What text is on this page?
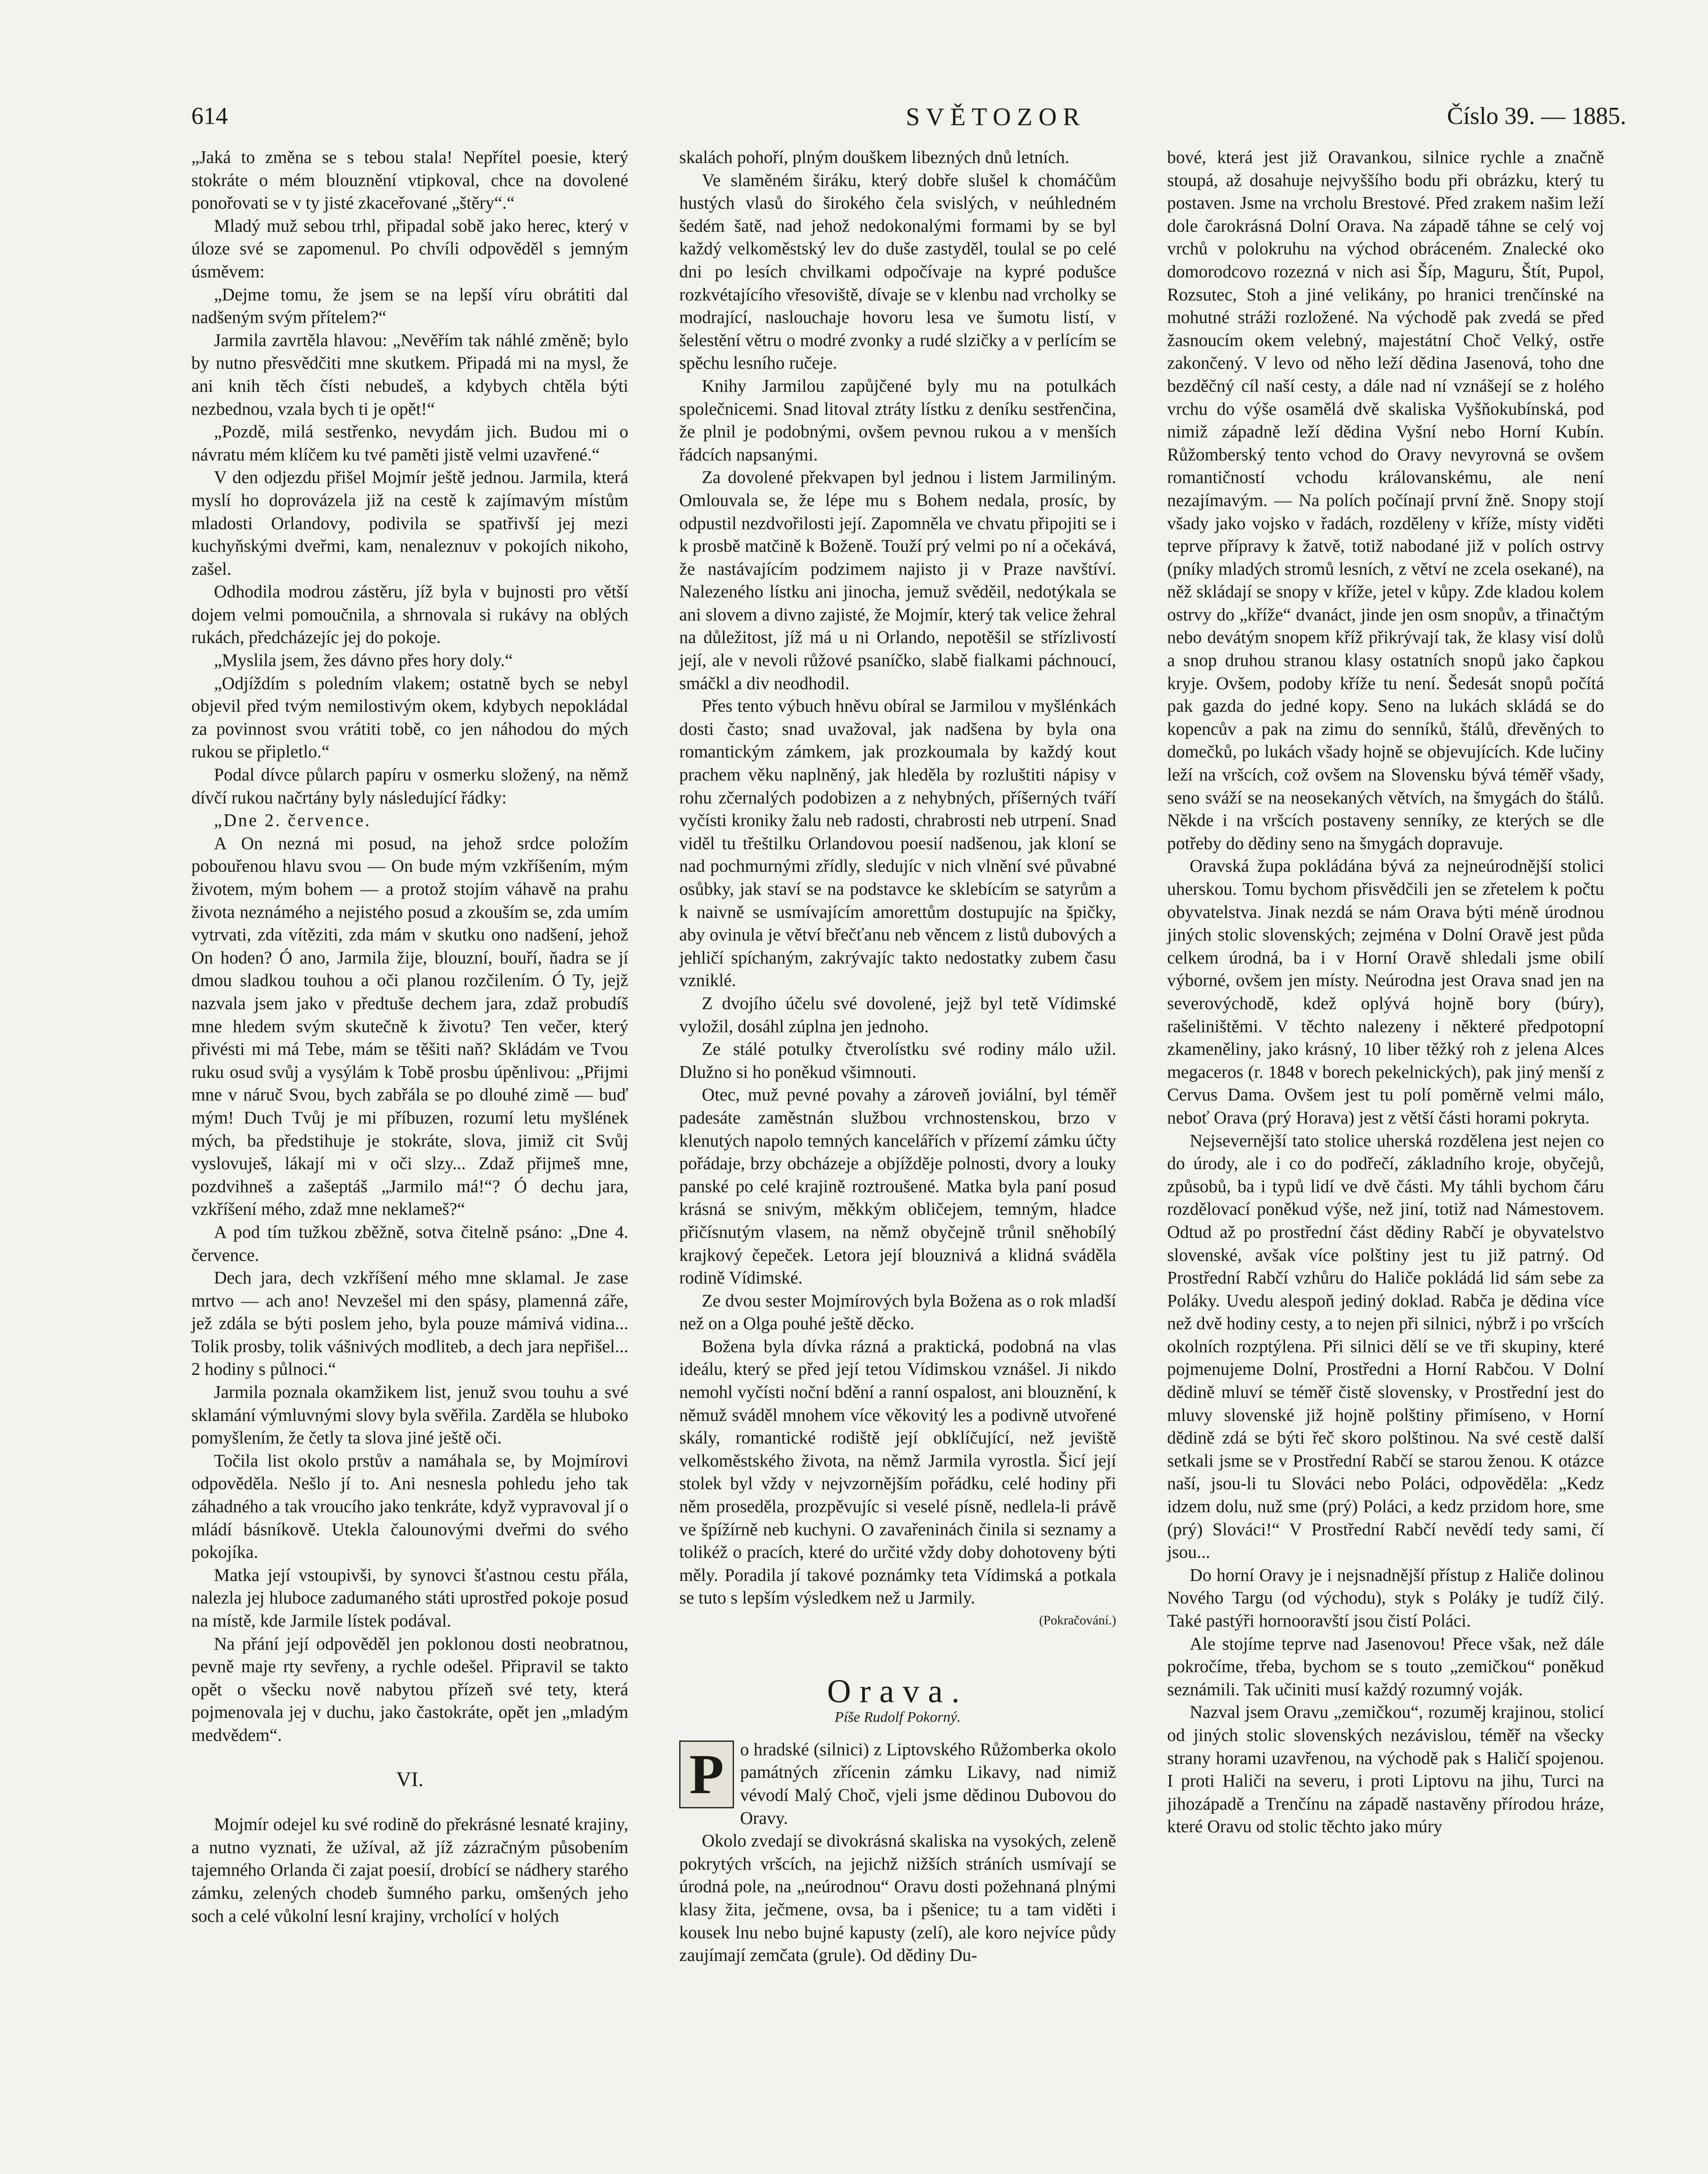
614	SVĚTOZOR	Číslo 39. — 1885.

„Jaká to změna se s tebou stala! Nepřítel poesie, který stokráte o mém blouznění vtipkoval, chce na dovolené ponořovati se v ty jisté zkaceřované „štěry“.“

Mladý muž sebou trhl, připadal sobě jako herec, který v úloze své se zapomenul. Po chvíli odpověděl s jemným úsměvem:

„Dejme tomu, že jsem se na lepší víru obrátiti dal nadšeným svým přítelem?“

Jarmila zavrtěla hlavou: „Nevěřím tak náhlé změně; bylo by nutno přesvědčiti mne skutkem. Připadá mi na mysl, že ani knih těch čísti nebudeš, a kdybych chtěla býti nezbednou, vzala bych ti je opět!“

„Pozdě, milá sestřenko, nevydám jich. Budou mi o návratu mém klíčem ku tvé paměti jistě velmi uzavřené.“

V den odjezdu přišel Mojmír ještě jednou. Jarmila, která myslí ho doprovázela již na cestě k zajímavým místům mladosti Orlandovy, podivila se spatřivší jej mezi kuchyňskými dveřmi, kam, nenaleznuv v pokojích nikoho, zašel.

Odhodila modrou zástěru, jíž byla v bujnosti pro větší dojem velmi pomoučnila, a shrnovala si rukávy na oblých rukách, předcházejíc jej do pokoje.

„Myslila jsem, žes dávno přes hory doly.“

„Odjíždím s poledním vlakem; ostatně bych se nebyl objevil před tvým nemilostivým okem, kdybych nepokládal za povinnost svou vrátiti tobě, co jen náhodou do mých rukou se připletlo.“

Podal dívce půlarch papíru v osmerku složený, na němž dívčí rukou načrtány byly následující řádky:

„Dne 2. července.

A On nezná mi posud, na jehož srdce položím pobouřenou hlavu svou — On bude mým vzkříšením, mým životem, mým bohem — a protož stojím váhavě na prahu života neznámého a nejistého posud a zkouším se, zda umím vytrvati, zda vítěziti, zda mám v skutku ono nadšení, jehož On hoden? Ó ano, Jarmila žije, blouzní, bouří, ňadra se jí dmou sladkou touhou a oči planou rozčilením. Ó Ty, jejž nazvala jsem jako v předtuše dechem jara, zdaž probudíš mne hledem svým skutečně k životu? Ten večer, který přivésti mi má Tebe, mám se těšiti naň? Skládám ve Tvou ruku osud svůj a vysýlám k Tobě prosbu úpěnlivou: „Přijmi mne v náruč Svou, bych zabřála se po dlouhé zimě — buď mým! Duch Tvůj je mi příbuzen, rozumí letu myšlének mých, ba předstihuje je stokráte, slova, jimiž cit Svůj vyslovuješ, lákají mi v oči slzy... Zdaž přijmeš mne, pozdvihneš a zašeptáš „Jarmilo má!“? Ó dechu jara, vzkříšení mého, zdaž mne neklameš?“

A pod tím tužkou zběžně, sotva čitelně psáno: „Dne 4. července.

Dech jara, dech vzkříšení mého mne sklamal. Je zase mrtvo — ach ano! Nevzešel mi den spásy, plamenná záře, jež zdála se býti poslem jeho, byla pouze mámivá vidina... Tolik prosby, tolik vášnivých modliteb, a dech jara nepřišel... 2 hodiny s půlnoci.“

Jarmila poznala okamžikem list, jenuž svou touhu a své sklamání výmluvnými slovy byla svěřila. Zarděla se hluboko pomyšlením, že četly ta slova jiné ještě oči.

Točila list okolo prstův a namáhala se, by Mojmírovi odpověděla. Nešlo jí to. Ani nesnesla pohledu jeho tak záhadného a tak vroucího jako tenkráte, když vypravoval jí o mládí básníkově. Utekla čalounovými dveřmi do svého pokojíka.

Matka její vstoupivši, by synovci šťastnou cestu přála, nalezla jej hluboce zadumaného státi uprostřed pokoje posud na místě, kde Jarmile lístek podával.

Na přání její odpověděl jen poklonou dosti neobratnou, pevně maje rty sevřeny, a rychle odešel. Připravil se takto opět o všecku nově nabytou přízeň své tety, která pojmenovala jej v duchu, jako častokráte, opět jen „mladým medvědem“.

VI.

Mojmír odejel ku své rodině do překrásné lesnaté krajiny, a nutno vyznati, že užíval, až jíž zázračným působením tajemného Orlanda či zajat poesií, drobící se nádhery starého zámku, zelených chodeb šumného parku, omšených jeho soch a celé vůkolní lesní krajiny, vrcholící v holých

skalách pohoří, plným douškem libezných dnů letních.

Ve slaměném širáku, který dobře slušel k chomáčům hustých vlasů do širokého čela svislých, v neúhledném šedém šatě, nad jehož nedokonalými formami by se byl každý velkoměstský lev do duše zastyděl, toulal se po celé dni po lesích chvilkami odpočívaje na kypré podušce rozkvétajícího vřesoviště, dívaje se v klenbu nad vrcholky se modrající, naslouchaje hovoru lesa ve šumotu listí, v šelestění větru o modré zvonky a rudé slzičky a v perlícím se spěchu lesního ručeje.

Knihy Jarmilou zapůjčené byly mu na potulkách společnicemi. Snad litoval ztráty lístku z deníku sestřenčina, že plnil je podobnými, ovšem pevnou rukou a v menších řádcích napsanými.

Za dovolené překvapen byl jednou i listem Jarmiliným. Omlouvala se, že lépe mu s Bohem nedala, prosíc, by odpustil nezdvořilosti její. Zapomněla ve chvatu připojiti se i k prosbě matčině k Boženě. Touží prý velmi po ní a očekává, že nastávajícím podzimem najisto ji v Praze navštíví. Nalezeného lístku ani jinocha, jemuž svěděil, nedotýkala se ani slovem a divno zajisté, že Mojmír, který tak velice žehral na důležitost, jíž má u ni Orlando, nepotěšil se střízlivostí její, ale v nevoli růžové psaníčko, slabě fialkami páchnoucí, smáčkl a div neodhodil.

Přes tento výbuch hněvu obíral se Jarmilou v myšlénkách dosti často; snad uvažoval, jak nadšena by byla ona romantickým zámkem, jak prozkoumala by každý kout prachem věku naplněný, jak hleděla by rozluštiti nápisy v rohu zčernalých podobizen a z nehybných, příšerných tváří vyčísti kroniky žalu neb radosti, chrabrosti neb utrpení. Snad viděl tu třeštilku Orlandovou poesií nadšenou, jak kloní se nad pochmurnými zřídly, sledujíc v nich vlnění své půvabné osůbky, jak staví se na podstavce ke sklebícím se satyrům a k naivně se usmívajícím amorettům dostupujíc na špičky, aby ovinula je větví břečťanu neb věncem z listů dubových a jehličí spíchaným, zakrývajíc takto nedostatky zubem času vzniklé.

Z dvojího účelu své dovolené, jejž byl tetě Vídimské vyložil, dosáhl zúplna jen jednoho.

Ze stálé potulky čtverolístku své rodiny málo užil. Dlužno si ho poněkud všimnouti.

Otec, muž pevné povahy a zároveň joviální, byl téměř padesáte zaměstnán službou vrchnostenskou, brzo v klenutých napolo temných kancelářích v přízemí zámku účty pořádaje, brzy obcházeje a objížděje polnosti, dvory a louky panské po celé krajině roztroušené. Matka byla paní posud krásná se snivým, měkkým obličejem, temným, hladce přičísnutým vlasem, na němž obyčejně trůnil sněhobílý krajkový čepeček. Letora její blouznivá a klidná sváděla rodině Vídimské.

Ze dvou sester Mojmírových byla Božena as o rok mladší než on a Olga pouhé ještě děcko.

Božena byla dívka rázná a praktická, podobná na vlas ideálu, který se před její tetou Vídimskou vznášel. Ji nikdo nemohl vyčísti noční bdění a ranní ospalost, ani blouznění, k němuž sváděl mnohem více věkovitý les a podivně utvořené skály, romantické rodiště její obklíčující, než jeviště velkoměstského života, na němž Jarmila vyrostla. Šicí její stolek byl vždy v nejvzornějším pořádku, celé hodiny při něm proseděla, prozpěvujíc si veselé písně, nedlela-li právě ve špížírně neb kuchyni. O zavařeninách činila si seznamy a tolikéž o pracích, které do určité vždy doby dohotoveny býti měly. Poradila jí takové poznámky teta Vídimská a potkala se tuto s lepším výsledkem než u Jarmily.

(Pokračování.)

Orava.
Píše Rudolf Pokorný.

P o hradské (silnici) z Liptovského Růžomberka okolo památných zřícenin zámku Likavy, nad nimiž vévodí Malý Choč, vjeli jsme dědinou Dubovou do Oravy.

Okolo zvedají se divokrásná skaliska na vysokých, zeleně pokrytých vršcích, na jejichž nižších stráních usmívají se úrodná pole, na „neúrodnou“ Oravu dosti požehnaná plnými klasy žita, ječmene, ovsa, ba i pšenice; tu a tam viděti i kousek lnu nebo bujné kapusty (zelí), ale koro nejvíce půdy zaujímají zemčata (grule). Od dědiny Du-

bové, která jest již Oravankou, silnice rychle a značně stoupá, až dosahuje nejvyššího bodu při obrázku, který tu postaven. Jsme na vrcholu Brestové. Před zrakem našim leží dole čarokrásná Dolní Orava. Na západě táhne se celý voj vrchů v polokruhu na východ obráceném. Znalecké oko domorodcovo rozezná v nich asi Šíp, Maguru, Štít, Pupol, Rozsutec, Stoh a jiné velikány, po hranici trenčínské na mohutné stráži rozložené. Na východě pak zvedá se před žasnoucím okem velebný, majestátní Choč Velký, ostře zakončený. V levo od něho leží dědina Jasenová, toho dne bezděčný cíl naší cesty, a dále nad ní vznášejí se z holého vrchu do výše osamělá dvě skaliska Vyšňokubínská, pod nimiž západně leží dědina Vyšní nebo Horní Kubín. Růžomberský tento vchod do Oravy nevyrovná se ovšem romantičností vchodu královanskému, ale není nezajímavým. — Na polích počínají první žně. Snopy stojí všady jako vojsko v řadách, rozděleny v kříže, místy viděti teprve přípravy k žatvě, totiž nabodané již v polích ostrvy (pníky mladých stromů lesních, z větví ne zcela osekané), na něž skládají se snopy v kříže, jetel v kůpy. Zde kladou kolem ostrvy do „kříže“ dvanáct, jinde jen osm snopův, a třinačtým nebo devátým snopem kříž přikrývají tak, že klasy visí dolů a snop druhou stranou klasy ostatních snopů jako čapkou kryje. Ovšem, podoby kříže tu není. Šedesát snopů počítá pak gazda do jedné kopy. Seno na lukách skládá se do kopencův a pak na zimu do senníků, štálů, dřevěných to domečků, po lukách všady hojně se objevujících. Kde lučiny leží na vršcích, což ovšem na Slovensku bývá téměř všady, seno sváží se na neosekaných větvích, na šmygách do štálů. Někde i na vršcích postaveny senníky, ze kterých se dle potřeby do dědiny seno na šmygách dopravuje.

Oravská župa pokládána bývá za nejneúrodnější stolici uherskou. Tomu bychom přisvědčili jen se zřetelem k počtu obyvatelstva. Jinak nezdá se nám Orava býti méně úrodnou jiných stolic slovenských; zejména v Dolní Oravě jest půda celkem úrodná, ba i v Horní Oravě shledali jsme obilí výborné, ovšem jen místy. Neúrodna jest Orava snad jen na severovýchodě, kdež oplývá hojně bory (búry), rašeliništěmi. V těchto nalezeny i některé předpotopní zkameněliny, jako krásný, 10 liber těžký roh z jelena Alces megaceros (r. 1848 v borech pekelnických), pak jiný menší z Cervus Dama. Ovšem jest tu polí poměrně velmi málo, neboť Orava (prý Horava) jest z větší části horami pokryta.

Nejsevernější tato stolice uherská rozdělena jest nejen co do úrody, ale i co do podřečí, základního kroje, obyčejů, způsobů, ba i typů lidí ve dvě části. My táhli bychom čáru rozdělovací poněkud výše, než jiní, totiž nad Námestovem. Odtud až po prostřední část dědiny Rabčí je obyvatelstvo slovenské, avšak více polštiny jest tu již patrný. Od Prostřední Rabčí vzhůru do Haliče pokládá lid sám sebe za Poláky. Uvedu alespoň jediný doklad. Rabča je dědina více než dvě hodiny cesty, a to nejen při silnici, nýbrž i po vršcích okolních rozptýlena. Při silnici dělí se ve tři skupiny, které pojmenujeme Dolní, Prostředni a Horní Rabčou. V Dolní dědině mluví se téměř čistě slovensky, v Prostřední jest do mluvy slovenské již hojně polštiny přimíseno, v Horní dědině zdá se býti řeč skoro polštinou. Na své cestě další setkali jsme se v Prostřední Rabčí se starou ženou. K otázce naší, jsou-li tu Slováci nebo Poláci, odpověděla: „Kedz idzem dolu, nuž sme (prý) Poláci, a kedz przidom hore, sme (prý) Slováci!“ V Prostřední Rabčí nevědí tedy sami, čí jsou...

Do horní Oravy je i nejsnadnější přístup z Haliče dolinou Nového Targu (od východu), styk s Poláky je tudíž čilý. Také pastýři hornooravští jsou čistí Poláci.

Ale stojíme teprve nad Jasenovou! Přece však, než dále pokročíme, třeba, bychom se s touto „zemičkou“ poněkud seznámili. Tak učiniti musí každý rozumný voják.

Nazval jsem Oravu „zemičkou“, rozuměj krajinou, stolicí od jiných stolic slovenských nezávislou, téměř na všecky strany horami uzavřenou, na východě pak s Haličí spojenou. I proti Haliči na severu, i proti Liptovu na jihu, Turci na jihozápadě a Trenčínu na západě nastavěny přírodou hráze, které Oravu od stolic těchto jako múry
